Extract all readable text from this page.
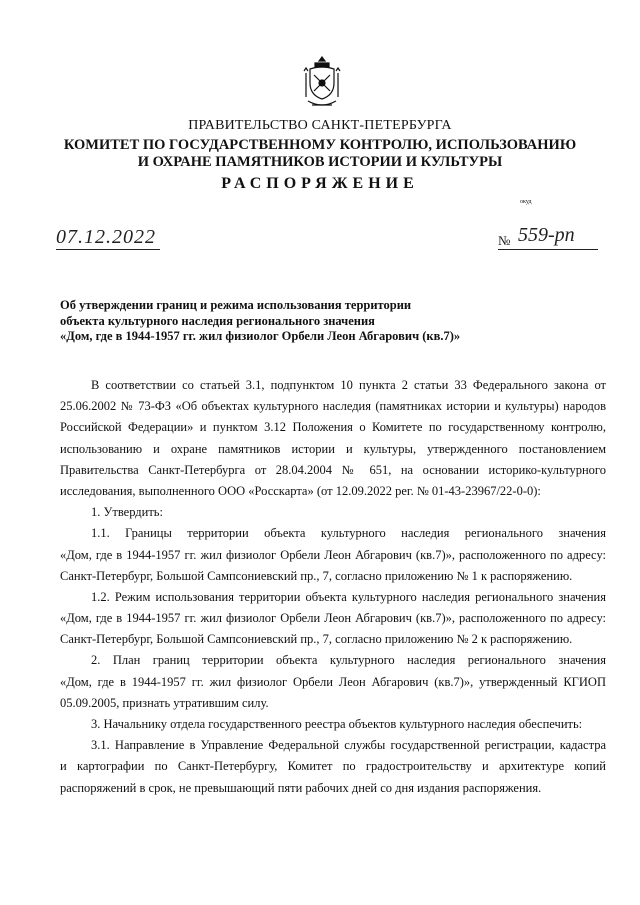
ПРАВИТЕЛЬСТВО САНКТ-ПЕТЕРБУРГА
КОМИТЕТ ПО ГОСУДАРСТВЕННОМУ КОНТРОЛЮ, ИСПОЛЬЗОВАНИЮ
И ОХРАНЕ ПАМЯТНИКОВ ИСТОРИИ И КУЛЬТУРЫ
РАСПОРЯЖЕНИЕ
окуд
07.12.2022	№ 559-рп
Об утверждении границ и режима использования территории
объекта культурного наследия регионального значения
«Дом, где в 1944-1957 гг. жил физиолог Орбели Леон Абгарович (кв.7)»
В соответствии со статьей 3.1, подпунктом 10 пункта 2 статьи 33 Федерального закона от
25.06.2002 № 73-ФЗ «Об объектах культурного наследия (памятниках истории и культуры) народов
Российской Федерации» и пунктом 3.12 Положения о Комитете по государственному контролю,
использованию и охране памятников истории и культуры, утвержденного постановлением
Правительства Санкт-Петербурга от 28.04.2004 № 651, на основании историко-культурного
исследования, выполненного ООО «Росскарта» (от 12.09.2022 рег. № 01-43-23967/22-0-0):
1. Утвердить:
1.1. Границы территории объекта культурного наследия регионального значения
«Дом, где в 1944-1957 гг. жил физиолог Орбели Леон Абгарович (кв.7)», расположенного по адресу:
Санкт-Петербург, Большой Сампсониевский пр., 7, согласно приложению № 1 к распоряжению.
1.2. Режим использования территории объекта культурного наследия регионального значения
«Дом, где в 1944-1957 гг. жил физиолог Орбели Леон Абгарович (кв.7)», расположенного по адресу:
Санкт-Петербург, Большой Сампсониевский пр., 7, согласно приложению № 2 к распоряжению.
2. План границ территории объекта культурного наследия регионального значения
«Дом, где в 1944-1957 гг. жил физиолог Орбели Леон Абгарович (кв.7)», утвержденный КГИОП
05.09.2005, признать утратившим силу.
3. Начальнику отдела государственного реестра объектов культурного наследия обеспечить:
3.1. Направление в Управление Федеральной службы государственной регистрации, кадастра
и картографии по Санкт-Петербургу, Комитет по градостроительству и архитектуре копий
распоряжений в срок, не превышающий пяти рабочих дней со дня издания распоряжения.
